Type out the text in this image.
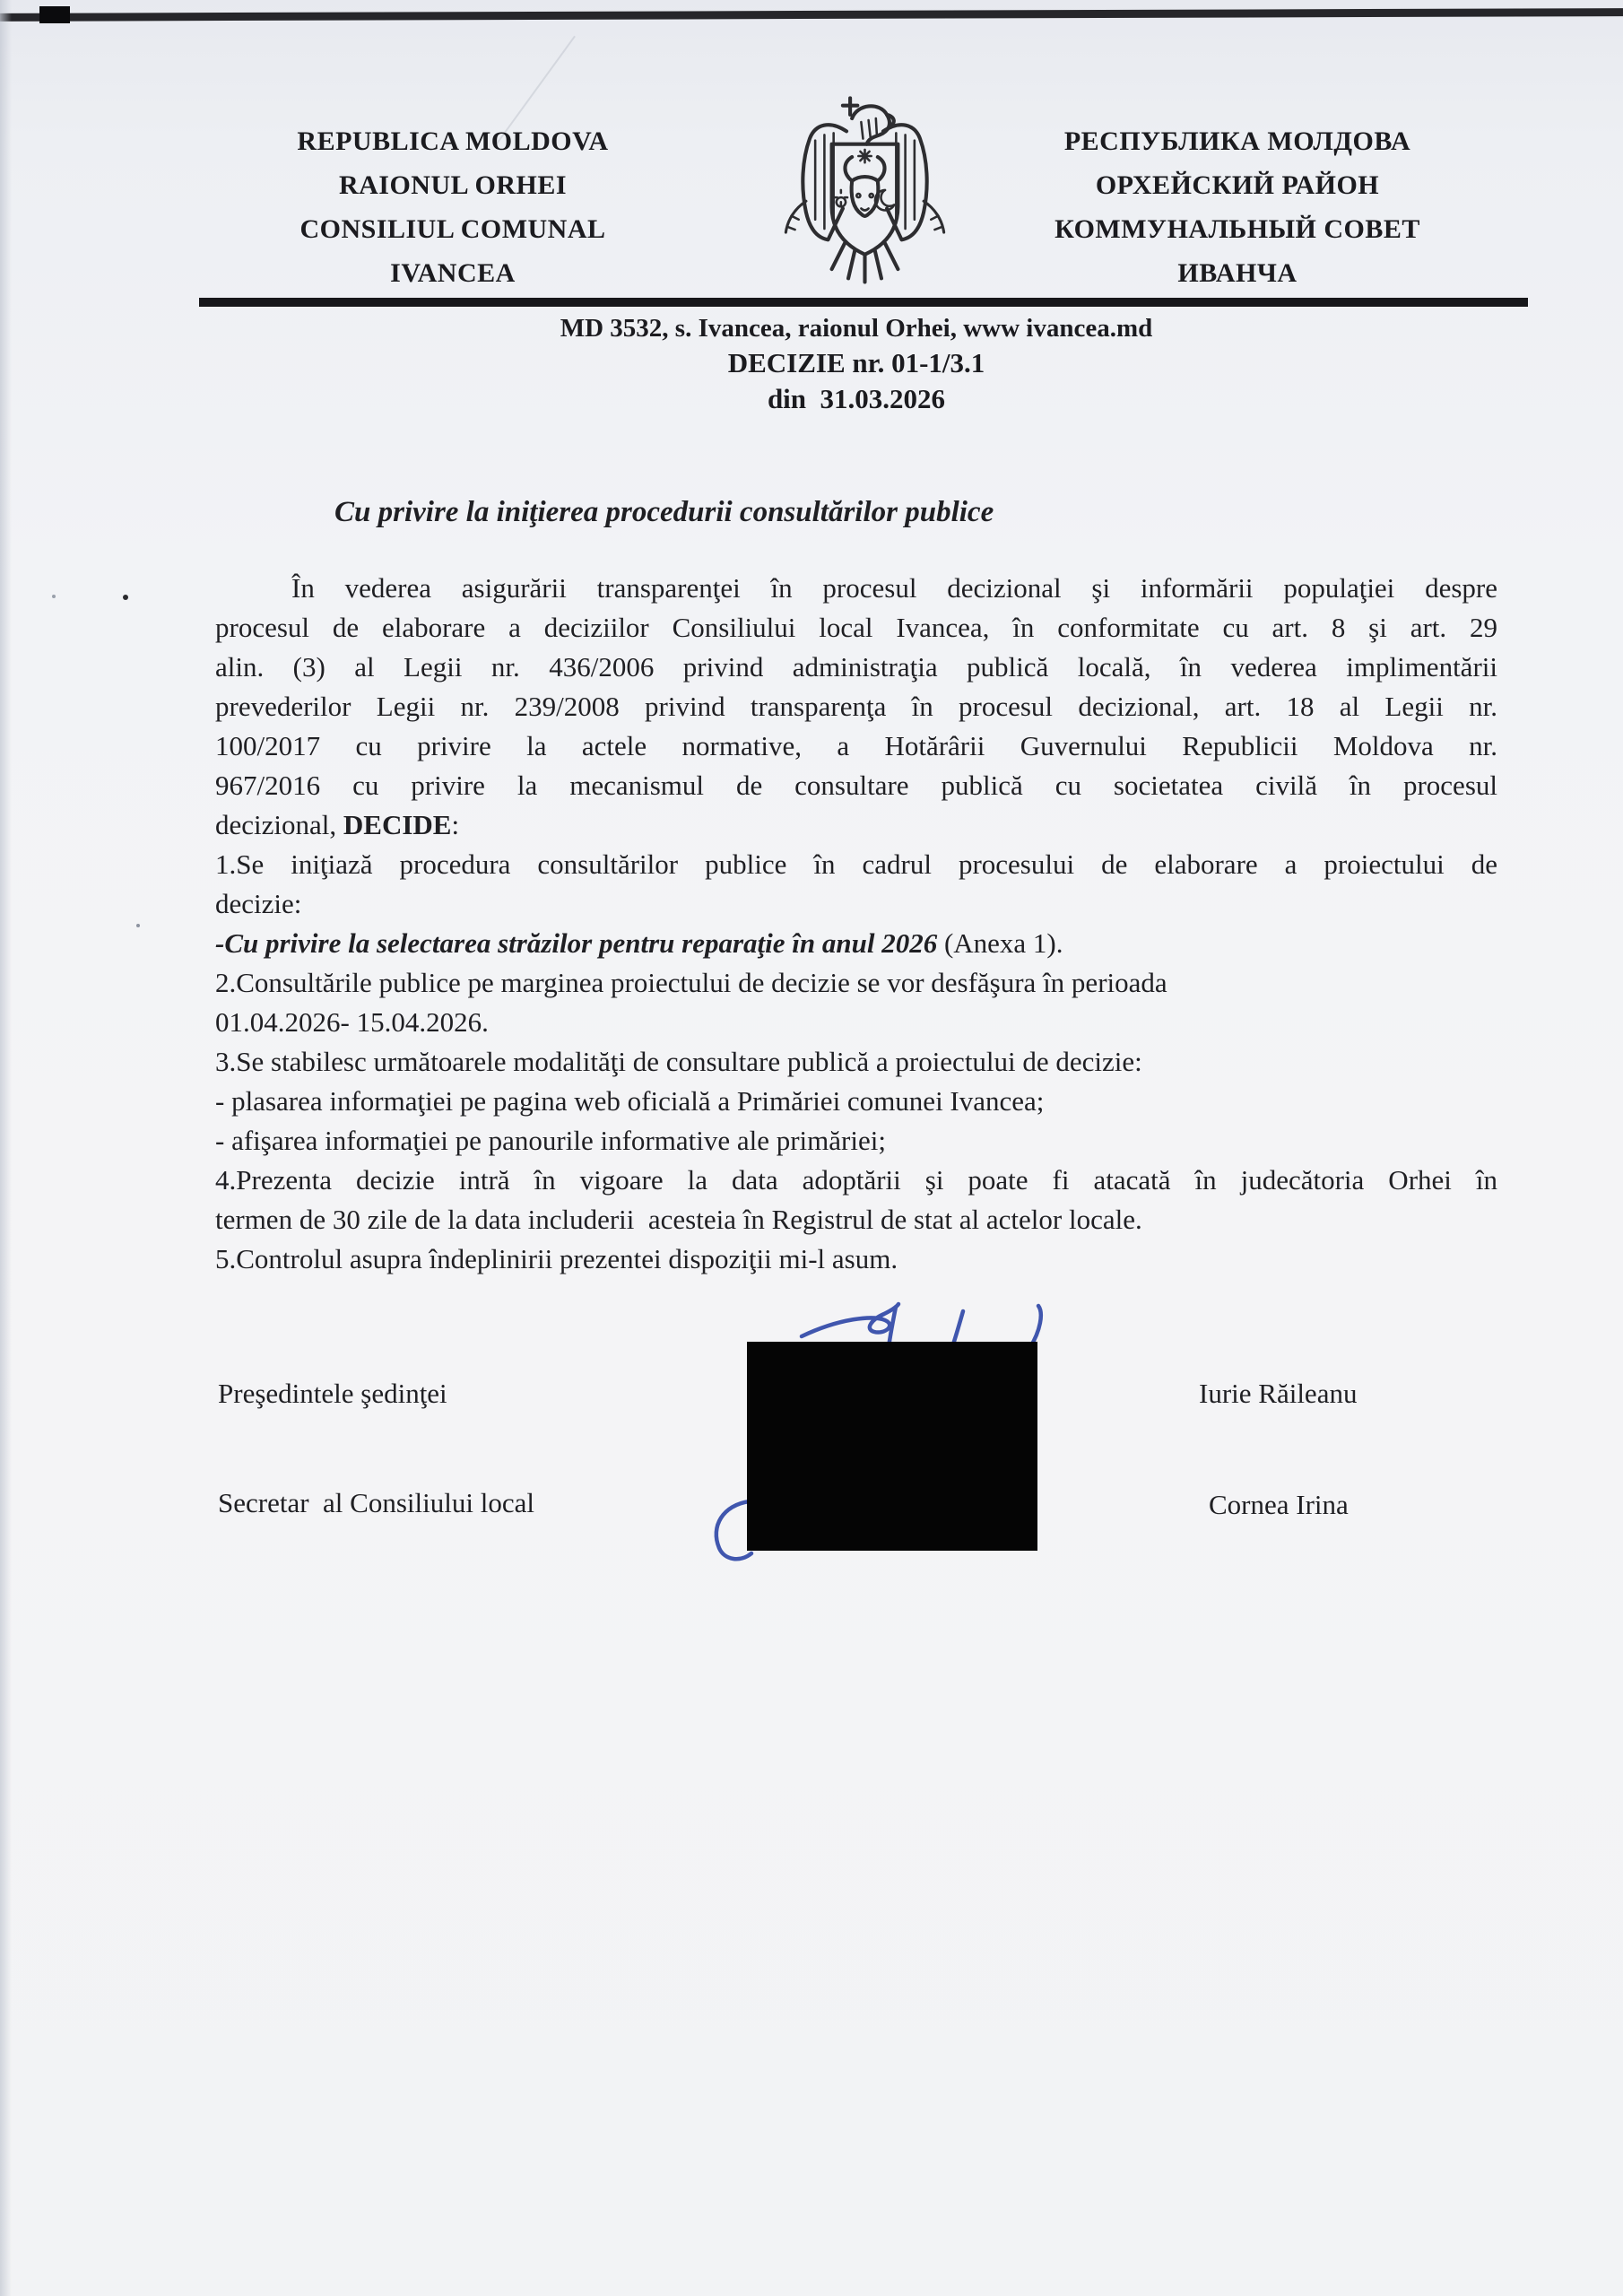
REPUBLICA MOLDOVA
RAIONUL ORHEI
CONSILIUL COMUNAL
IVANCEA
РЕСПУБЛИКА МОЛДОВА
ОРХЕЙСКИЙ РАЙОН
КОММУНАЛЬНЫЙ СОВЕТ
ИВАНЧА
MD 3532, s. Ivancea, raionul Orhei, www ivancea.md
DECIZIE nr. 01-1/3.1
din  31.03.2026
Cu privire la iniţierea procedurii consultărilor publice
În vederea asigurării transparenţei în procesul decizional şi informării populaţiei despre
procesul de elaborare a deciziilor Consiliului local Ivancea, în conformitate cu art. 8 şi art. 29
alin. (3) al Legii nr. 436/2006 privind administraţia publică locală, în vederea implimentării
prevederilor Legii nr. 239/2008 privind transparenţa în procesul decizional, art. 18 al Legii nr.
100/2017 cu privire la actele normative, a Hotărârii Guvernului Republicii Moldova nr.
967/2016 cu privire la mecanismul de consultare publică cu societatea civilă în procesul
decizional, DECIDE:
1.Se iniţiază procedura consultărilor publice în cadrul procesului de elaborare a proiectului de
decizie:
-Cu privire la selectarea străzilor pentru reparaţie în anul 2026 (Anexa 1).
2.Consultările publice pe marginea proiectului de decizie se vor desfăşura în perioada
01.04.2026- 15.04.2026.
3.Se stabilesc următoarele modalităţi de consultare publică a proiectului de decizie:
- plasarea informaţiei pe pagina web oficială a Primăriei comunei Ivancea;
- afişarea informaţiei pe panourile informative ale primăriei;
4.Prezenta decizie intră în vigoare la data adoptării şi poate fi atacată în judecătoria Orhei în
termen de 30 zile de la data includerii  acesteia în Registrul de stat al actelor locale.
5.Controlul asupra îndeplinirii prezentei dispoziţii mi-l asum.
Preşedintele şedinţei	Iurie Răileanu
Secretar  al Consiliului local	Cornea Irina
